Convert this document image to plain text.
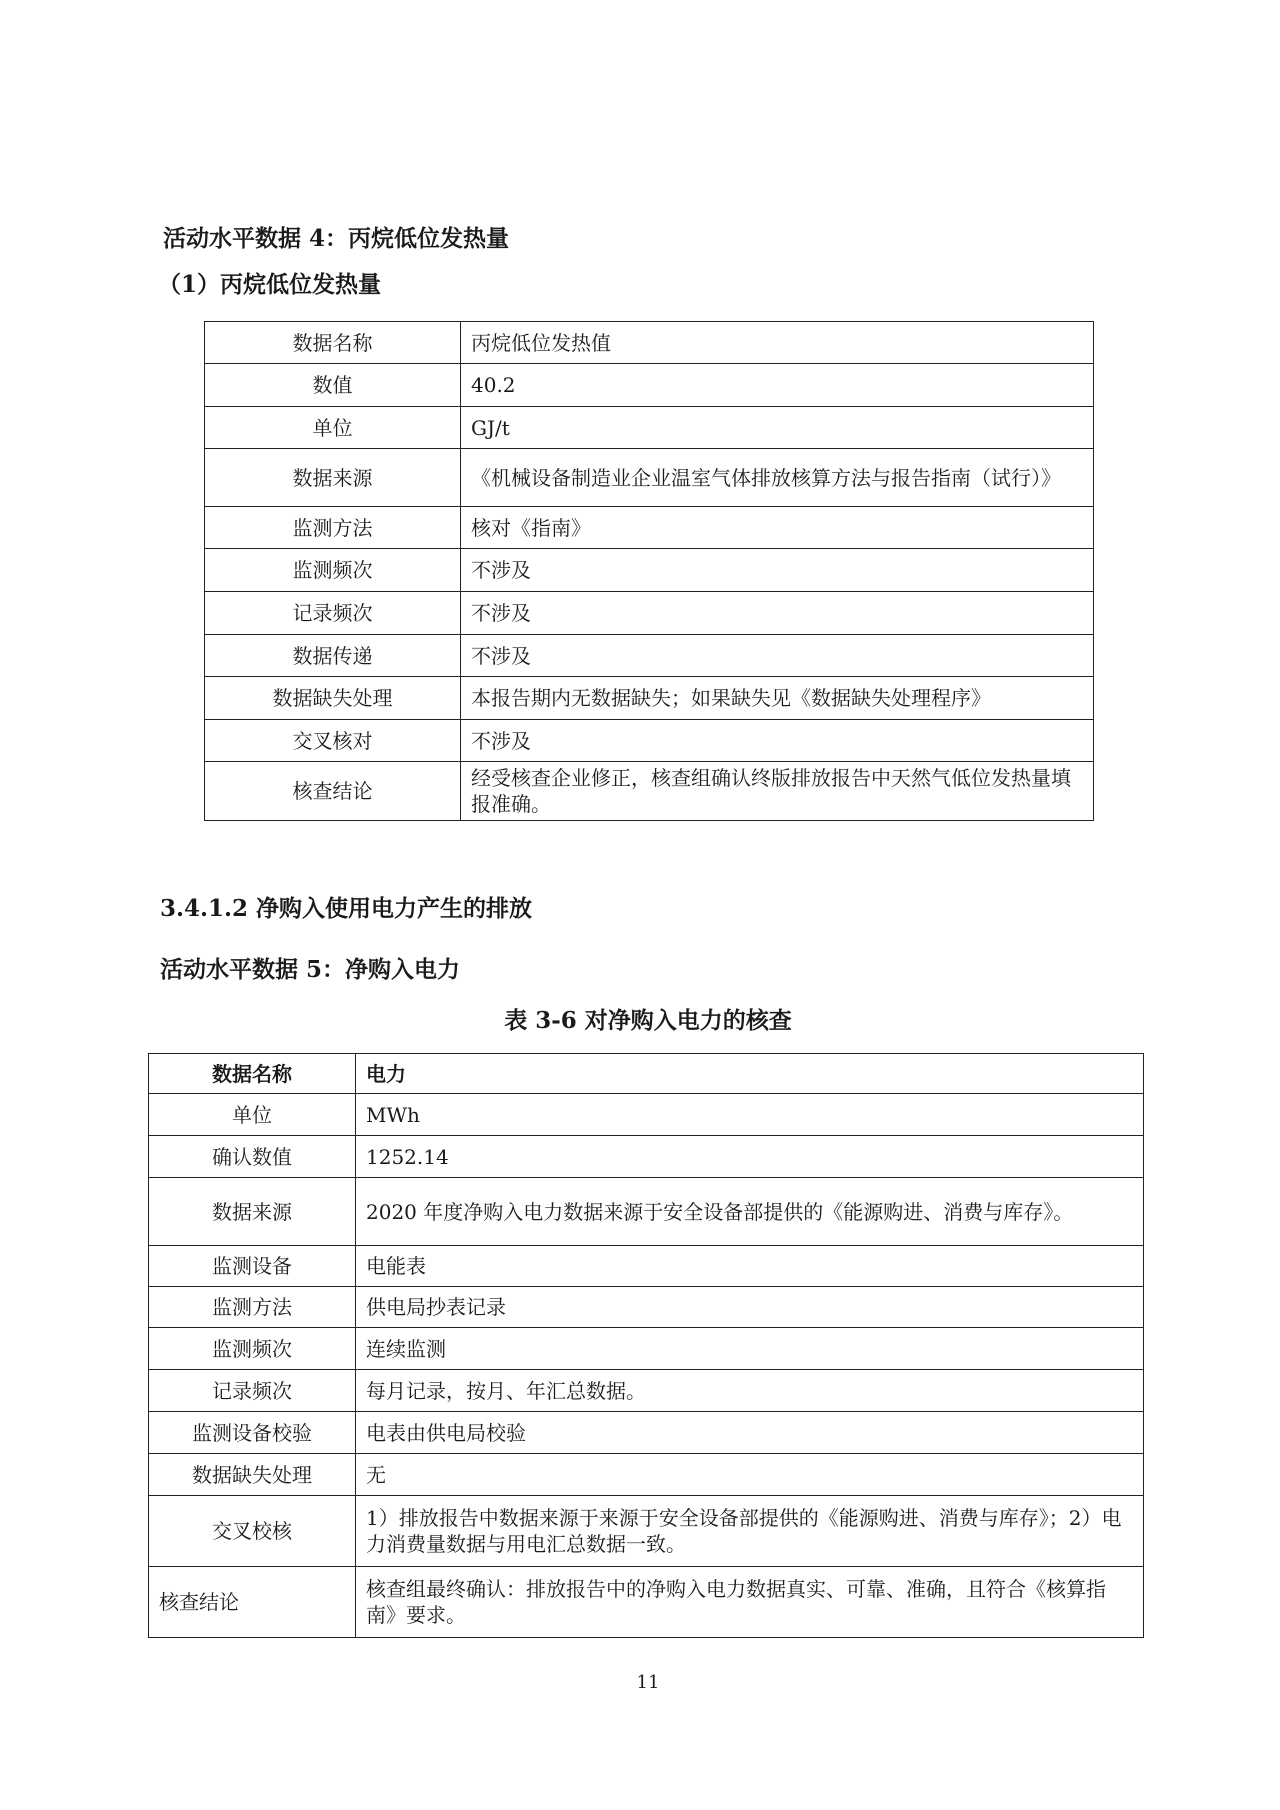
活动水平数据 4：丙烷低位发热量
（1）丙烷低位发热量
数据名称	丙烷低位发热值
数值	40.2
单位	GJ/t
数据来源	《机械设备制造业企业温室气体排放核算方法与报告指南（试行）》
监测方法	核对《指南》
监测频次	不涉及
记录频次	不涉及
数据传递	不涉及
数据缺失处理	本报告期内无数据缺失；如果缺失见《数据缺失处理程序》
交叉核对	不涉及
核查结论	经受核查企业修正，核查组确认终版排放报告中天然气低位发热量填报准确。
3.4.1.2 净购入使用电力产生的排放
活动水平数据 5：净购入电力
表 3-6 对净购入电力的核查
数据名称	电力
单位	MWh
确认数值	1252.14
数据来源	2020 年度净购入电力数据来源于安全设备部提供的《能源购进、消费与库存》。
监测设备	电能表
监测方法	供电局抄表记录
监测频次	连续监测
记录频次	每月记录，按月、年汇总数据。
监测设备校验	电表由供电局校验
数据缺失处理	无
交叉校核	1）排放报告中数据来源于来源于安全设备部提供的《能源购进、消费与库存》；2）电力消费量数据与用电汇总数据一致。
核查结论	核查组最终确认：排放报告中的净购入电力数据真实、可靠、准确，且符合《核算指南》要求。
11
